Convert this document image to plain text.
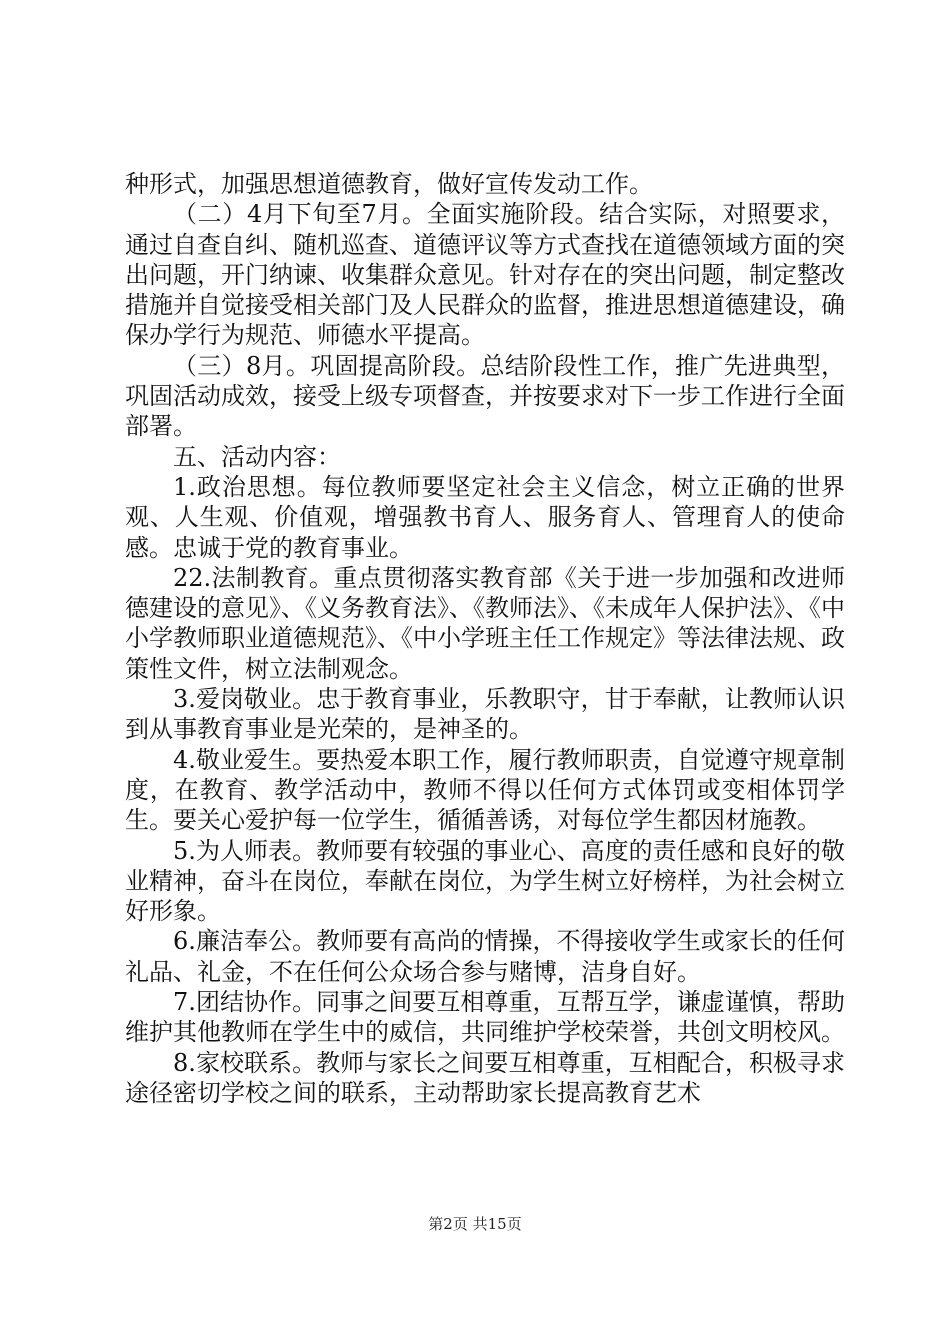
种形式，加强思想道德教育，做好宣传发动工作。

（二）4月下旬至7月。全面实施阶段。结合实际，对照要求，通过自查自纠、随机巡查、道德评议等方式查找在道德领域方面的突出问题，开门纳谏、收集群众意见。针对存在的突出问题，制定整改措施并自觉接受相关部门及人民群众的监督，推进思想道德建设，确保办学行为规范、师德水平提高。

（三）8月。巩固提高阶段。总结阶段性工作，推广先进典型，巩固活动成效，接受上级专项督查，并按要求对下一步工作进行全面部署。

五、活动内容：

1.政治思想。每位教师要坚定社会主义信念，树立正确的世界观、人生观、价值观，增强教书育人、服务育人、管理育人的使命感。忠诚于党的教育事业。

22.法制教育。重点贯彻落实教育部《关于进一步加强和改进师德建设的意见》、《义务教育法》、《教师法》、《未成年人保护法》、《中小学教师职业道德规范》、《中小学班主任工作规定》等法律法规、政策性文件，树立法制观念。

3.爱岗敬业。忠于教育事业，乐教职守，甘于奉献，让教师认识到从事教育事业是光荣的，是神圣的。

4.敬业爱生。要热爱本职工作，履行教师职责，自觉遵守规章制度，在教育、教学活动中，教师不得以任何方式体罚或变相体罚学生。要关心爱护每一位学生，循循善诱，对每位学生都因材施教。

5.为人师表。教师要有较强的事业心、高度的责任感和良好的敬业精神，奋斗在岗位，奉献在岗位，为学生树立好榜样，为社会树立好形象。

6.廉洁奉公。教师要有高尚的情操，不得接收学生或家长的任何礼品、礼金，不在任何公众场合参与赌博，洁身自好。

7.团结协作。同事之间要互相尊重，互帮互学，谦虚谨慎，帮助维护其他教师在学生中的威信，共同维护学校荣誉，共创文明校风。

8.家校联系。教师与家长之间要互相尊重，互相配合，积极寻求途径密切学校之间的联系，主动帮助家长提高教育艺术

第2页 共15页
